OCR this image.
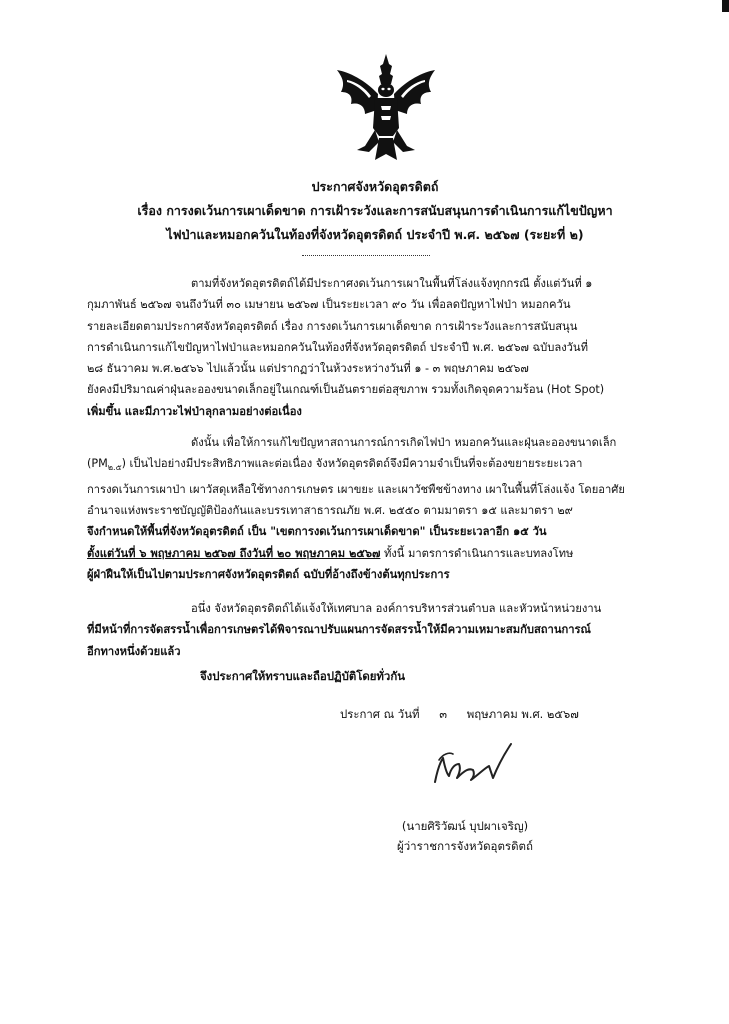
ประกาศจังหวัดอุตรดิตถ์
เรื่อง การงดเว้นการเผาเด็ดขาด การเฝ้าระวังและการสนับสนุนการดำเนินการแก้ไขปัญหา
ไฟป่าและหมอกควันในท้องที่จังหวัดอุตรดิตถ์ ประจำปี พ.ศ. ๒๕๖๗ (ระยะที่ ๒)
ตามที่จังหวัดอุตรดิตถ์ได้มีประกาศงดเว้นการเผาในพื้นที่โล่งแจ้งทุกกรณี ตั้งแต่วันที่ ๑
กุมภาพันธ์ ๒๕๖๗ จนถึงวันที่ ๓๐ เมษายน ๒๕๖๗ เป็นระยะเวลา ๙๐ วัน เพื่อลดปัญหาไฟป่า หมอกควัน
รายละเอียดตามประกาศจังหวัดอุตรดิตถ์ เรื่อง การงดเว้นการเผาเด็ดขาด การเฝ้าระวังและการสนับสนุน
การดำเนินการแก้ไขปัญหาไฟป่าและหมอกควันในท้องที่จังหวัดอุตรดิตถ์ ประจำปี พ.ศ. ๒๕๖๗ ฉบับลงวันที่
๒๘ ธันวาคม พ.ศ.๒๕๖๖ ไปแล้วนั้น แต่ปรากฏว่าในห้วงระหว่างวันที่ ๑ - ๓ พฤษภาคม ๒๕๖๗
ยังคงมีปริมาณค่าฝุ่นละอองขนาดเล็กอยู่ในเกณฑ์เป็นอันตรายต่อสุขภาพ รวมทั้งเกิดจุดความร้อน (Hot Spot)
เพิ่มขึ้น และมีภาวะไฟป่าลุกลามอย่างต่อเนื่อง
ดังนั้น เพื่อให้การแก้ไขปัญหาสถานการณ์การเกิดไฟป่า หมอกควันและฝุ่นละอองขนาดเล็ก
$(PM_{๒.๕})$ เป็นไปอย่างมีประสิทธิภาพและต่อเนื่อง จังหวัดอุตรดิตถ์จึงมีความจำเป็นที่จะต้องขยายระยะเวลา
การงดเว้นการเผาป่า เผาวัสดุเหลือใช้ทางการเกษตร เผาขยะ และเผาวัชพืชข้างทาง เผาในพื้นที่โล่งแจ้ง โดยอาศัย
อำนาจแห่งพระราชบัญญัติป้องกันและบรรเทาสาธารณภัย พ.ศ. ๒๕๕๐ ตามมาตรา ๑๕ และมาตรา ๒๙
จึงกำหนดให้พื้นที่จังหวัดอุตรดิตถ์ เป็น "เขตการงดเว้นการเผาเด็ดขาด" เป็นระยะเวลาอีก ๑๕ วัน
ตั้งแต่วันที่ ๖ พฤษภาคม ๒๕๖๗ ถึงวันที่ ๒๐ พฤษภาคม ๒๕๖๗ ทั้งนี้ มาตรการดำเนินการและบทลงโทษ
ผู้ฝ่าฝืนให้เป็นไปตามประกาศจังหวัดอุตรดิตถ์ ฉบับที่อ้างถึงข้างต้นทุกประการ
อนึ่ง จังหวัดอุตรดิตถ์ได้แจ้งให้เทศบาล องค์การบริหารส่วนตำบล และหัวหน้าหน่วยงาน
ที่มีหน้าที่การจัดสรรน้ำเพื่อการเกษตรได้พิจารณาปรับแผนการจัดสรรน้ำให้มีความเหมาะสมกับสถานการณ์
อีกทางหนึ่งด้วยแล้ว
จึงประกาศให้ทราบและถือปฏิบัติโดยทั่วกัน
ประกาศ ณ วันที่ ๓ พฤษภาคม พ.ศ. ๒๕๖๗
(นายศิริวัฒน์ บุปผาเจริญ)
ผู้ว่าราชการจังหวัดอุตรดิตถ์
